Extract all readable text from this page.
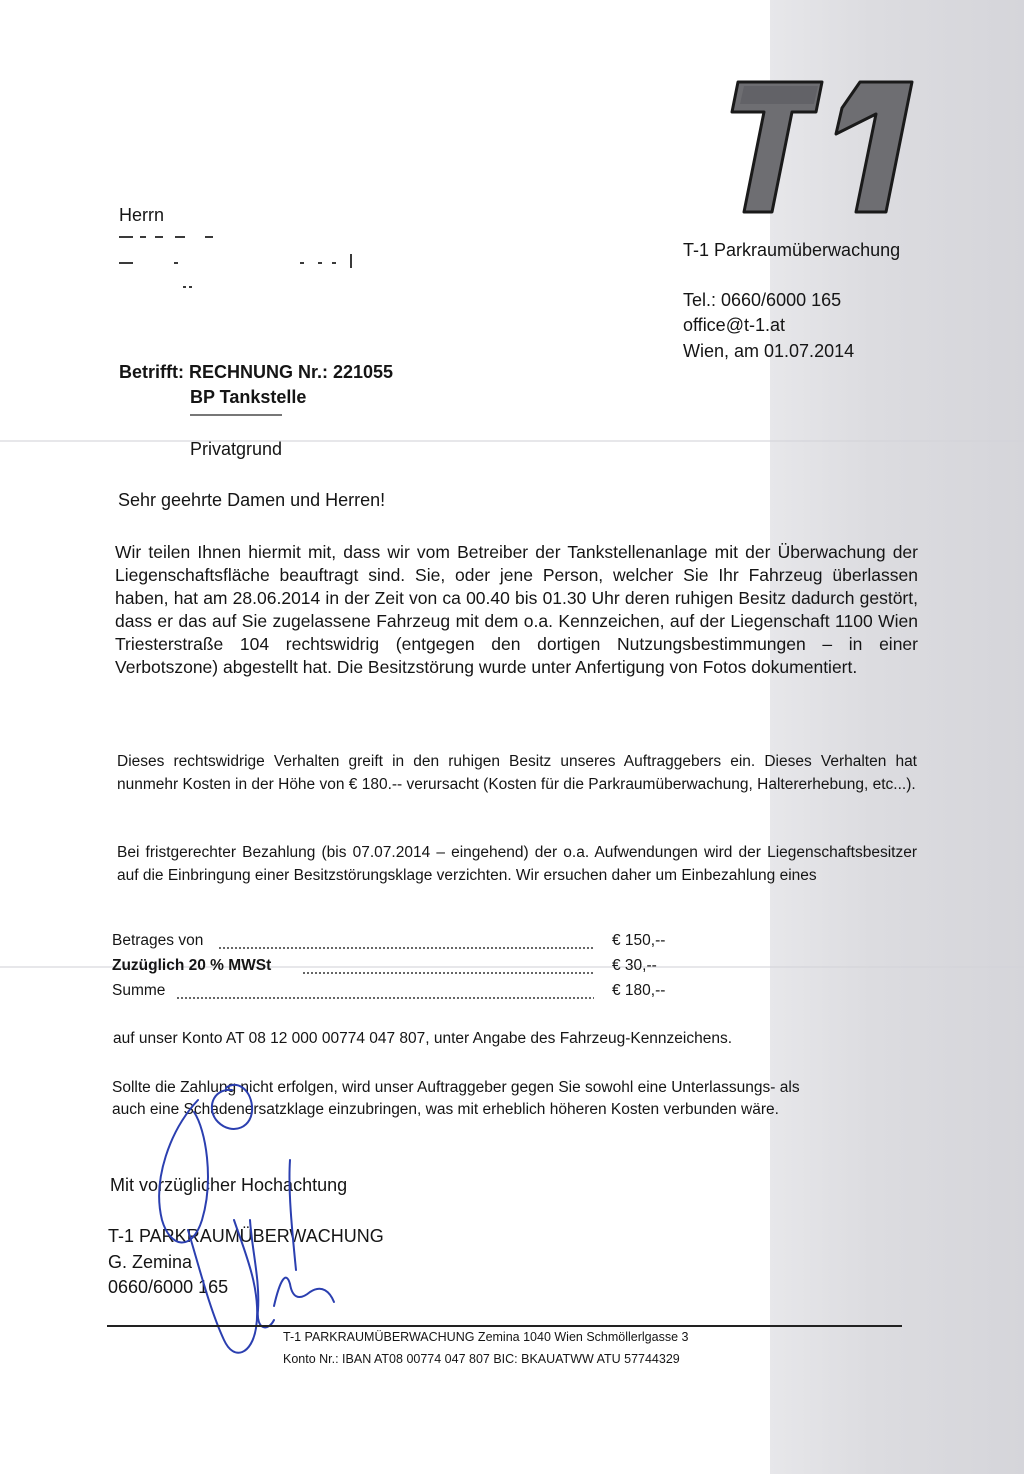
Herrn
T-1 Parkraumüberwachung
Tel.: 0660/6000 165
office@t-1.at
Wien, am 01.07.2014
Betrifft: RECHNUNG Nr.: 221055
BP Tankstelle
Privatgrund
Sehr geehrte Damen und Herren!
Wir teilen Ihnen hiermit mit, dass wir vom Betreiber der Tankstellenanlage mit der Überwachung der Liegenschaftsfläche beauftragt sind. Sie, oder jene Person, welcher Sie Ihr Fahrzeug überlassen haben, hat am 28.06.2014 in der Zeit von ca 00.40 bis 01.30 Uhr deren ruhigen Besitz dadurch gestört, dass er das auf Sie zugelassene Fahrzeug mit dem o.a. Kennzeichen, auf der Liegenschaft 1100 Wien Triesterstraße 104 rechtswidrig (entgegen den dortigen Nutzungsbestimmungen – in einer Verbotszone) abgestellt hat. Die Besitzstörung wurde unter Anfertigung von Fotos dokumentiert.
Dieses rechtswidrige Verhalten greift in den ruhigen Besitz unseres Auftraggebers ein. Dieses Verhalten hat nunmehr Kosten in der Höhe von € 180.-- verursacht (Kosten für die Parkraumüberwachung, Haltererhebung, etc...).
Bei fristgerechter Bezahlung (bis 07.07.2014 – eingehend) der o.a. Aufwendungen wird der Liegenschaftsbesitzer auf die Einbringung einer Besitzstörungsklage verzichten. Wir ersuchen daher um Einbezahlung eines
Betrages von	€ 150,--
Zuzüglich 20 % MWSt	€ 30,--
Summe	€ 180,--
auf unser Konto AT 08 12 000 00774 047 807, unter Angabe des Fahrzeug-Kennzeichens.
Sollte die Zahlung nicht erfolgen, wird unser Auftraggeber gegen Sie sowohl eine Unterlassungs- als
auch eine Schadenersatzklage einzubringen, was mit erheblich höheren Kosten verbunden wäre.
Mit vorzüglicher Hochachtung
T-1 PARKRAUMÜBERWACHUNG
G. Zemina
0660/6000 165
T-1 PARKRAUMÜBERWACHUNG Zemina 1040 Wien Schmöllerlgasse 3
Konto Nr.: IBAN AT08 00774 047 807 BIC: BKAUATWW ATU 57744329
